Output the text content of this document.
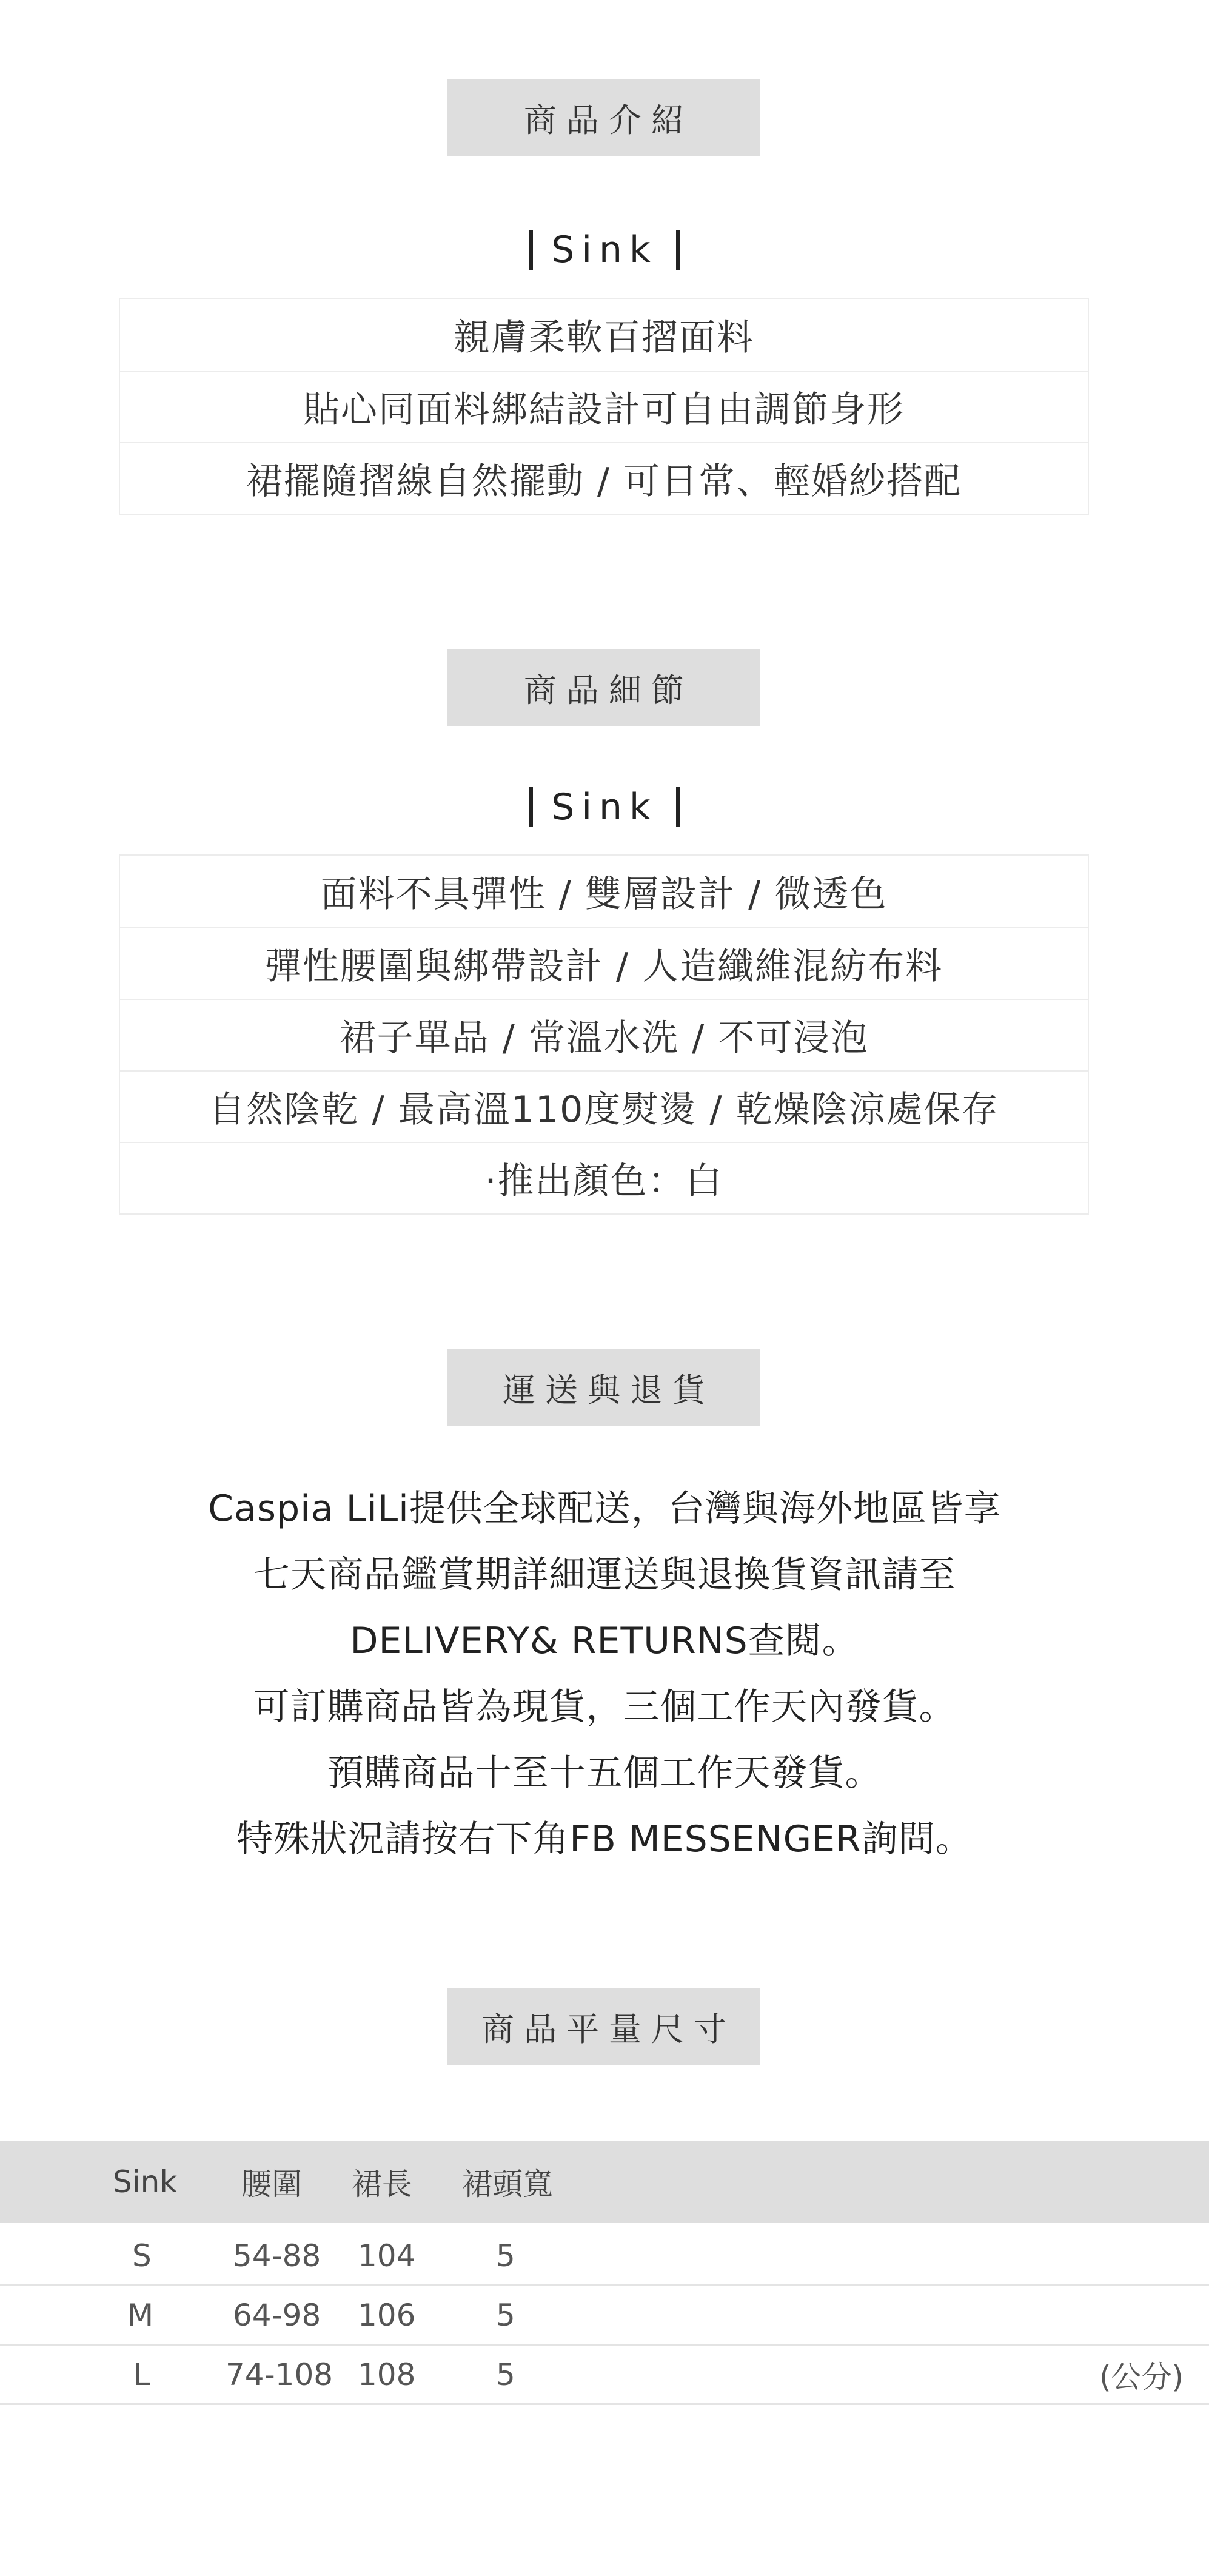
商品介紹
Sink
親膚柔軟百摺面料
貼心同面料綁結設計可自由調節身形
裙擺隨摺線自然擺動 / 可日常、輕婚紗搭配
商品細節
Sink
面料不具彈性 / 雙層設計 / 微透色
彈性腰圍與綁帶設計 / 人造纖維混紡布料
裙子單品 / 常溫水洗 / 不可浸泡
自然陰乾 / 最高溫110度熨燙 / 乾燥陰涼處保存
·推出顏色：白
運送與退貨
Caspia LiLi提供全球配送，台灣與海外地區皆享
七天商品鑑賞期詳細運送與退換貨資訊請至
DELIVERY& RETURNS查閱。
可訂購商品皆為現貨，三個工作天內發貨。
預購商品十至十五個工作天發貨。
特殊狀況請按右下角FB MESSENGER詢問。
商品平量尺寸
Sink 腰圍 裙長 裙頭寬
S	54-88 104	5
M	64-98 106	5
L 74-108 108	5	(公分)
